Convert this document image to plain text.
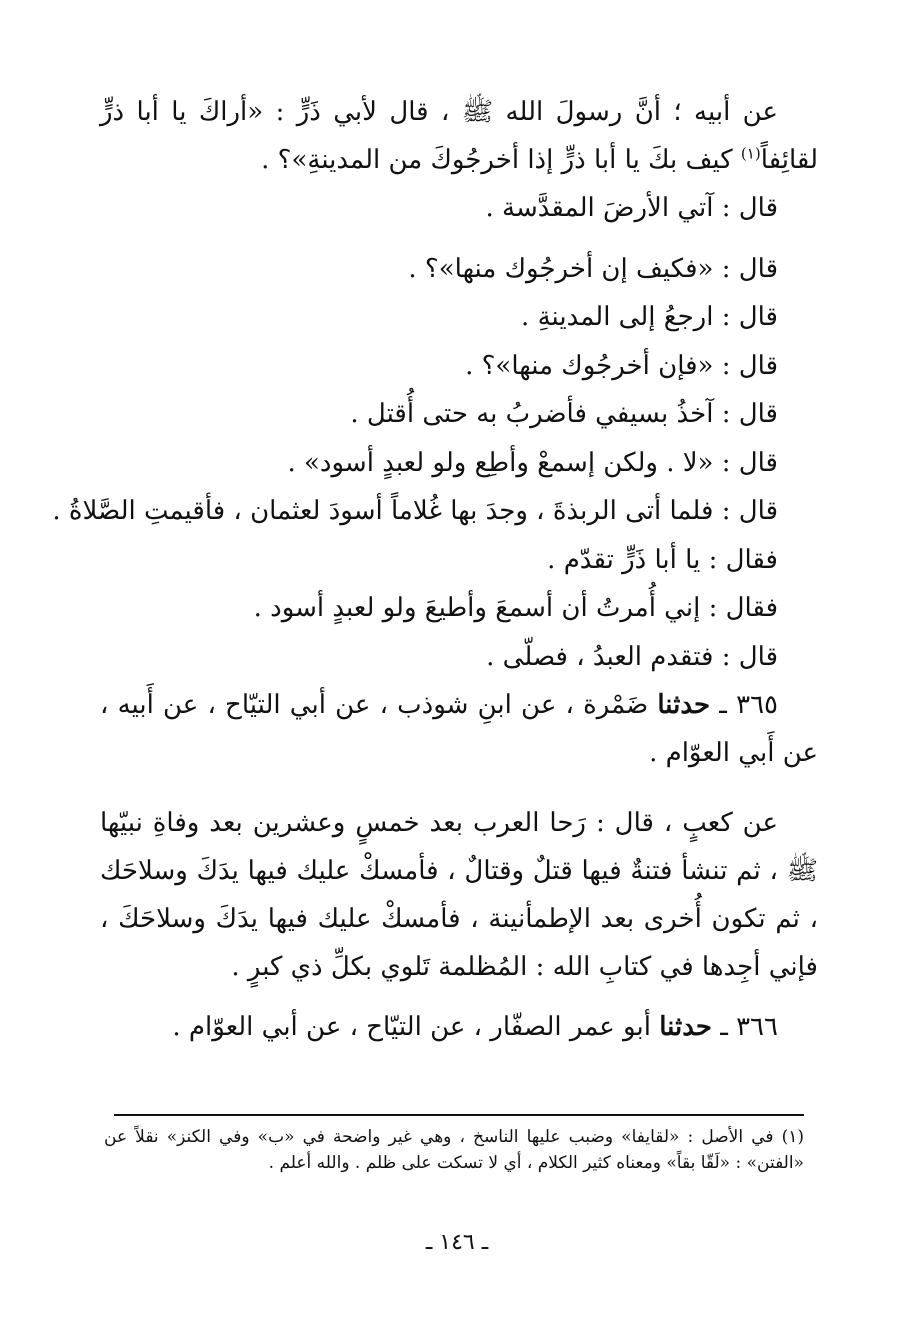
عن أبيه ؛ أنَّ رسولَ الله ﷺ ، قال لأبي ذَرٍّ : «أراكَ يا أبا ذرٍّ لقائِفاً$^{(١)}$ كيف بكَ يا أبا ذرٍّ إذا أخرجُوكَ من المدينةِ»؟ .

قال : آتي الأرضَ المقدَّسة .

قال : «فكيف إن أخرجُوك منها»؟ .

قال : ارجعُ إلى المدينةِ .

قال : «فإن أخرجُوك منها»؟ .

قال : آخذُ بسيفي فأضربُ به حتى أُقتل .

قال : «لا . ولكن إسمعْ وأطِع ولو لعبدٍ أسود» .

قال : فلما أتى الربذةَ ، وجدَ بها غُلاماً أسودَ لعثمان ، فأقيمتِ الصَّلاةُ .

فقال : يا أبا ذَرٍّ تقدّم .

فقال : إني أُمرتُ أن أسمعَ وأطيعَ ولو لعبدٍ أسود .

قال : فتقدم العبدُ ، فصلّى .

٣٦٥ ـ حدثنا ضَمْرة ، عن ابنِ شوذب ، عن أبي التيّاح ، عن أَبيه ، عن أَبي العوّام .

عن كعبٍ ، قال : رَحا العرب بعد خمسٍ وعشرين بعد وفاةِ نبيّها ﷺ ، ثم تنشأ فتنةٌ فيها قتلٌ وقتالٌ ، فأمسكْ عليك فيها يدَكَ وسلاحَك ، ثم تكون أُخرى بعد الإطمأنينة ، فأمسكْ عليك فيها يدَكَ وسلاحَكَ ، فإني أجِدها في كتابِ الله : المُظلمة تَلوي بكلِّ ذي كبرٍ .

٣٦٦ ـ حدثنا أبو عمر الصفّار ، عن التيّاح ، عن أبي العوّام .

(١) في الأصل : «لقايفا» وضبب عليها الناسخ ، وهي غير واضحة في «ب» وفي الكنز» نقلاً عن «الفتن» : «لَقّا بقاً» ومعناه كثير الكلام ، أي لا تسكت على ظلم . والله أعلم .

ـ ١٤٦ ـ
